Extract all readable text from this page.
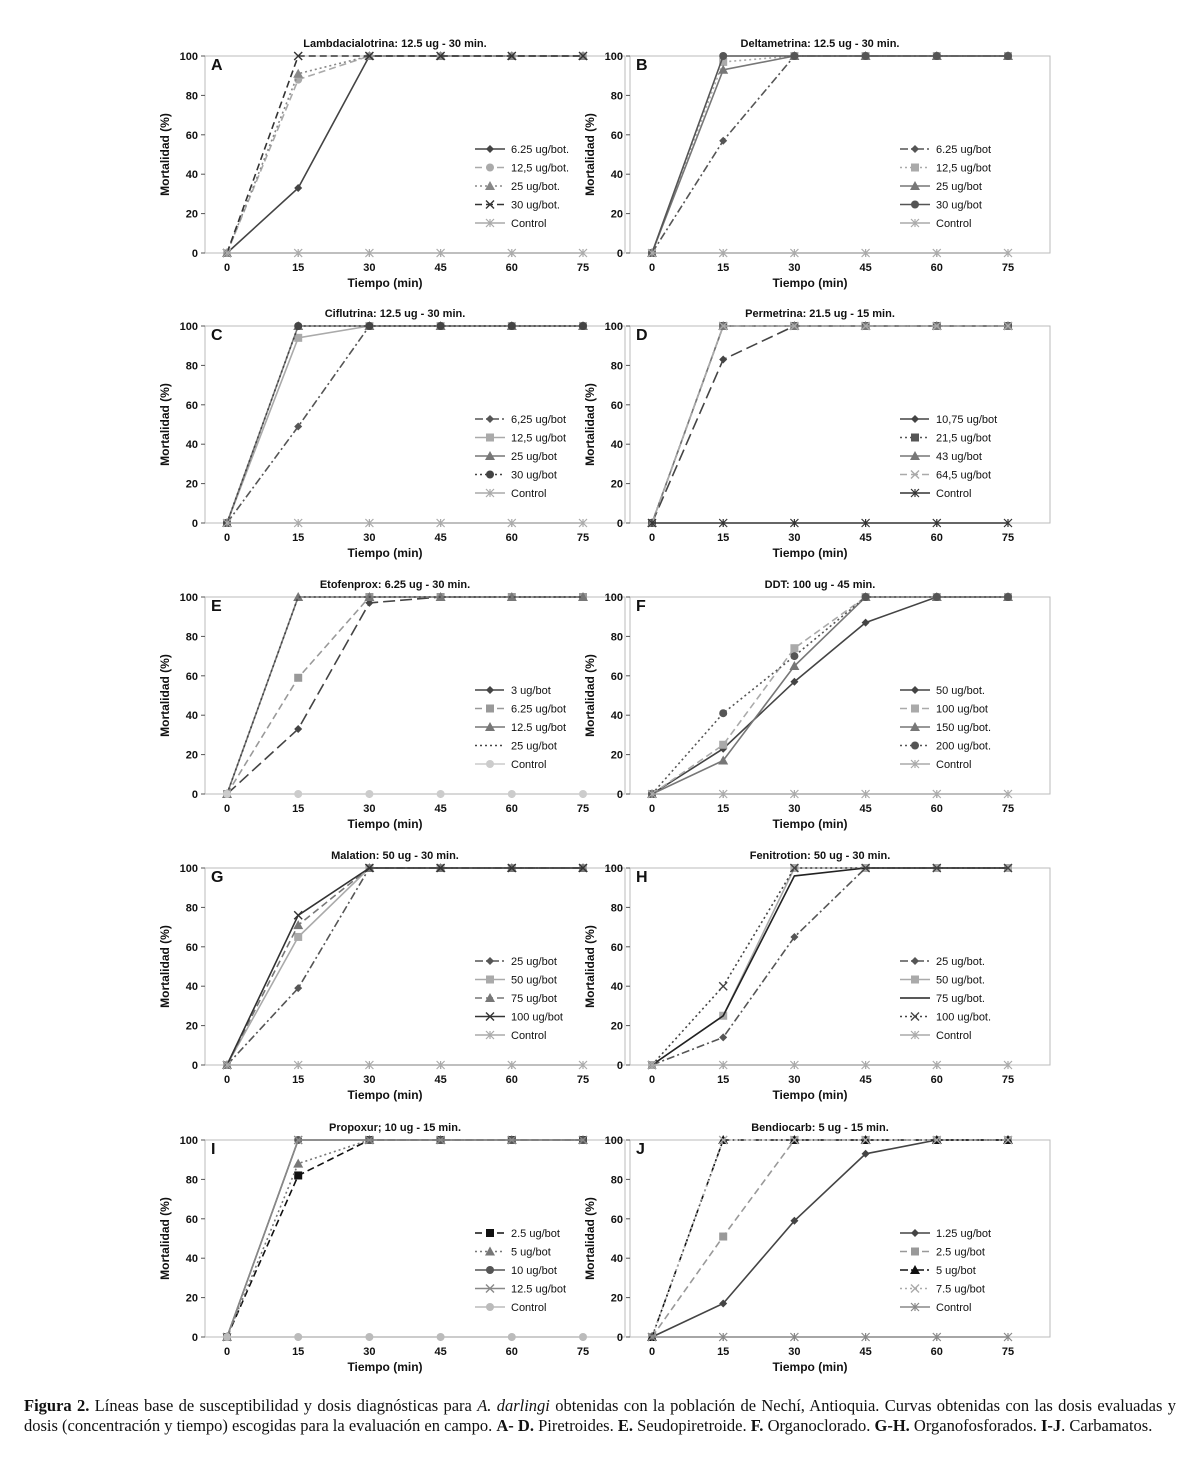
0
20
40
60
80
100
0	15	30	45	60	75
Tiempo (min)
Mortalidad (%)
Lambdacialotrina: 12.5 ug - 30 min.
A
6.25 ug/bot.
12,5 ug/bot.
25 ug/bot.
30 ug/bot.
Control
0
20
40
60
80
100
0	15	30	45	60	75
Tiempo (min)
Mortalidad (%)
Deltametrina: 12.5 ug - 30 min.
B
6.25 ug/bot
12,5 ug/bot
25 ug/bot
30 ug/bot
Control
0
20
40
60
80
100
0	15	30	45	60	75
Tiempo (min)
Mortalidad (%)
Ciflutrina: 12.5 ug - 30 min.
C
6,25 ug/bot
12,5 ug/bot
25 ug/bot
30 ug/bot
Control
0
20
40
60
80
100
0	15	30	45	60	75
Tiempo (min)
Mortalidad (%)
Permetrina: 21.5 ug - 15 min.
D
10,75 ug/bot
21,5 ug/bot
43 ug/bot
64,5 ug/bot
Control
0
20
40
60
80
100
0	15	30	45	60	75
Tiempo (min)
Mortalidad (%)
Etofenprox: 6.25 ug - 30 min.
E
3 ug/bot
6.25 ug/bot
12.5 ug/bot
25 ug/bot
Control
0
20
40
60
80
100
0	15	30	45	60	75
Tiempo (min)
Mortalidad (%)
DDT: 100 ug - 45 min.
F
50 ug/bot.
100 ug/bot
150 ug/bot.
200 ug/bot.
Control
0
20
40
60
80
100
0	15	30	45	60	75
Tiempo (min)
Mortalidad (%)
Malation: 50 ug - 30 min.
G
25 ug/bot
50 ug/bot
75 ug/bot
100 ug/bot
Control
0
20
40
60
80
100
0	15	30	45	60	75
Tiempo (min)
Mortalidad (%)
Fenitrotion: 50 ug - 30 min.
H
25 ug/bot.
50 ug/bot.
75 ug/bot.
100 ug/bot.
Control
0
20
40
60
80
100
0	15	30	45	60	75
Tiempo (min)
Mortalidad (%)
Propoxur; 10 ug - 15 min.
I
2.5 ug/bot
5 ug/bot
10 ug/bot
12.5 ug/bot
Control
0
20
40
60
80
100
0	15	30	45	60	75
Tiempo (min)
Mortalidad (%)
Bendiocarb: 5 ug - 15 min.
J
1.25 ug/bot
2.5 ug/bot
5 ug/bot
7.5 ug/bot
Control
Figura 2. Líneas base de susceptibilidad y dosis diagnósticas para A. darlingi obtenidas con la población de Nechí, Antioquia. Curvas obtenidas con las dosis evaluadas y dosis (concentración y tiempo) escogidas para la evaluación en campo. A- D. Piretroides. E. Seudopiretroide. F. Organoclorado. G-H. Organofosforados. I-J. Carbamatos.
